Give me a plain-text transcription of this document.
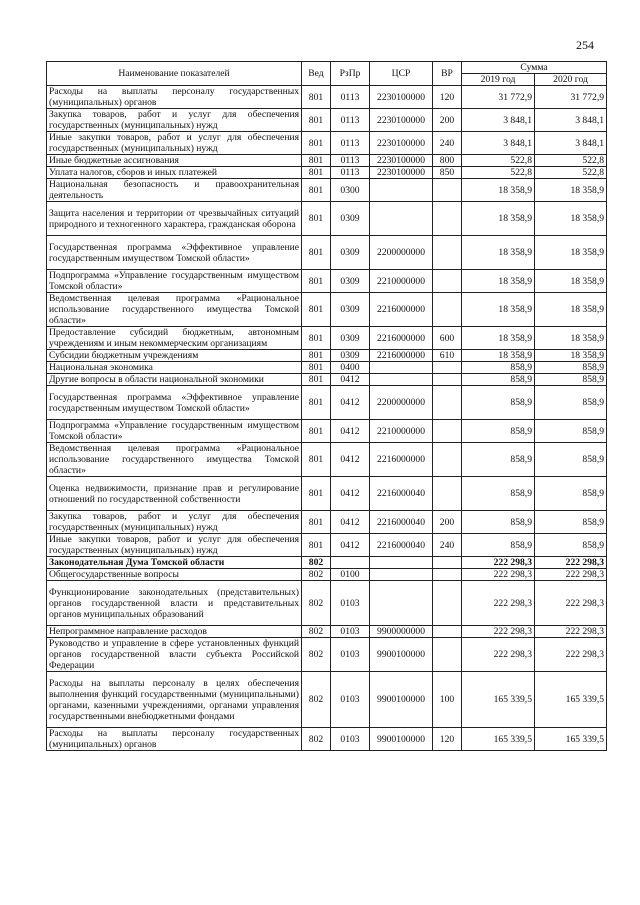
254
Наименование показателей	Вед	РзПр	ЦСР	ВР	Сумма	
					2019 год	2020 год
Расходы на выплаты персоналу государственных (муниципальных) органов	801	0113	2230100000	120	31 772,9	31 772,9
Закупка товаров, работ и услуг для обеспечения государственных (муниципальных) нужд	801	0113	2230100000	200	3 848,1	3 848,1
Иные закупки товаров, работ и услуг для обеспечения государственных (муниципальных) нужд	801	0113	2230100000	240	3 848,1	3 848,1
Иные бюджетные ассигнования	801	0113	2230100000	800	522,8	522,8
Уплата налогов, сборов и иных платежей	801	0113	2230100000	850	522,8	522,8
Национальная безопасность и правоохранительная деятельность	801	0300			18 358,9	18 358,9
Защита населения и территории от чрезвычайных ситуаций природного и техногенного характера, гражданская оборона	801	0309			18 358,9	18 358,9
Государственная программа «Эффективное управление государственным имуществом Томской области»	801	0309	2200000000		18 358,9	18 358,9
Подпрограмма «Управление государственным имуществом Томской области»	801	0309	2210000000		18 358,9	18 358,9
Ведомственная целевая программа «Рациональное использование государственного имущества Томской области»	801	0309	2216000000		18 358,9	18 358,9
Предоставление субсидий бюджетным, автономным учреждениям и иным некоммерческим организациям	801	0309	2216000000	600	18 358,9	18 358,9
Субсидии бюджетным учреждениям	801	0309	2216000000	610	18 358,9	18 358,9
Национальная экономика	801	0400			858,9	858,9
Другие вопросы в области национальной экономики	801	0412			858,9	858,9
Государственная программа «Эффективное управление государственным имуществом Томской области»	801	0412	2200000000		858,9	858,9
Подпрограмма «Управление государственным имуществом Томской области»	801	0412	2210000000		858,9	858,9
Ведомственная целевая программа «Рациональное использование государственного имущества Томской области»	801	0412	2216000000		858,9	858,9
Оценка недвижимости, признание прав и регулирование отношений по государственной собственности	801	0412	2216000040		858,9	858,9
Закупка товаров, работ и услуг для обеспечения государственных (муниципальных) нужд	801	0412	2216000040	200	858,9	858,9
Иные закупки товаров, работ и услуг для обеспечения государственных (муниципальных) нужд	801	0412	2216000040	240	858,9	858,9
Законодательная Дума Томской области	802				222 298,3	222 298,3
Общегосударственные вопросы	802	0100			222 298,3	222 298,3
Функционирование законодательных (представительных) органов государственной власти и представительных органов муниципальных образований	802	0103			222 298,3	222 298,3
Непрограммное направление расходов	802	0103	9900000000		222 298,3	222 298,3
Руководство и управление в сфере установленных функций органов государственной власти субъекта Российской Федерации	802	0103	9900100000		222 298,3	222 298,3
Расходы на выплаты персоналу в целях обеспечения выполнения функций государственными (муниципальными) органами, казенными учреждениями, органами управления государственными внебюджетными фондами	802	0103	9900100000	100	165 339,5	165 339,5
Расходы на выплаты персоналу государственных (муниципальных) органов	802	0103	9900100000	120	165 339,5	165 339,5
